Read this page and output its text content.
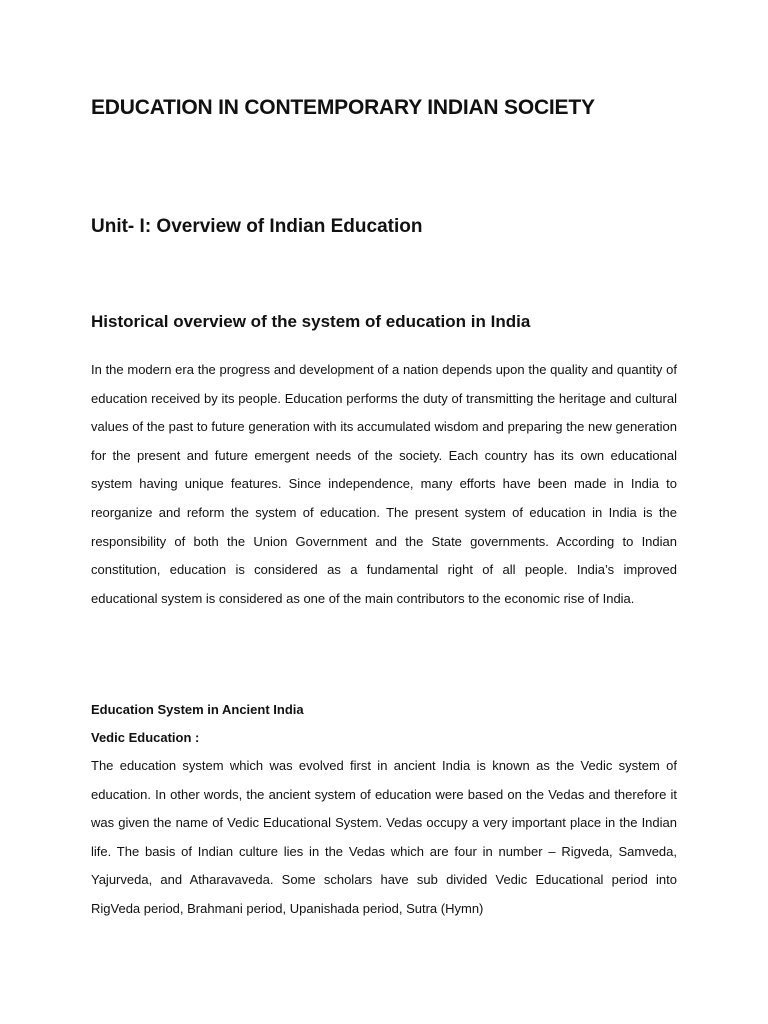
EDUCATION IN CONTEMPORARY INDIAN SOCIETY
Unit- I: Overview of Indian Education
Historical overview of the system of education in India

In the modern era the progress and development of a nation depends upon the quality and quantity of education received by its people. Education performs the duty of transmitting the heritage and cultural values of the past to future generation with its accumulated wisdom and preparing the new generation for the present and future emergent needs of the society. Each country has its own educational system having unique features. Since independence, many efforts have been made in India to reorganize and reform the system of education. The present system of education in India is the responsibility of both the Union Government and the State governments. According to Indian constitution, education is considered as a fundamental right of all people. India’s improved educational system is considered as one of the main contributors to the economic rise of India.

Education System in Ancient India

Vedic Education :

The education system which was evolved first in ancient India is known as the Vedic system of education. In other words, the ancient system of education were based on the Vedas and therefore it was given the name of Vedic Educational System. Vedas occupy a very important place in the Indian life. The basis of Indian culture lies in the Vedas which are four in number – Rigveda, Samveda, Yajurveda, and Atharavaveda. Some scholars have sub divided Vedic Educational period into RigVeda period, Brahmani period, Upanishada period, Sutra (Hymn)
